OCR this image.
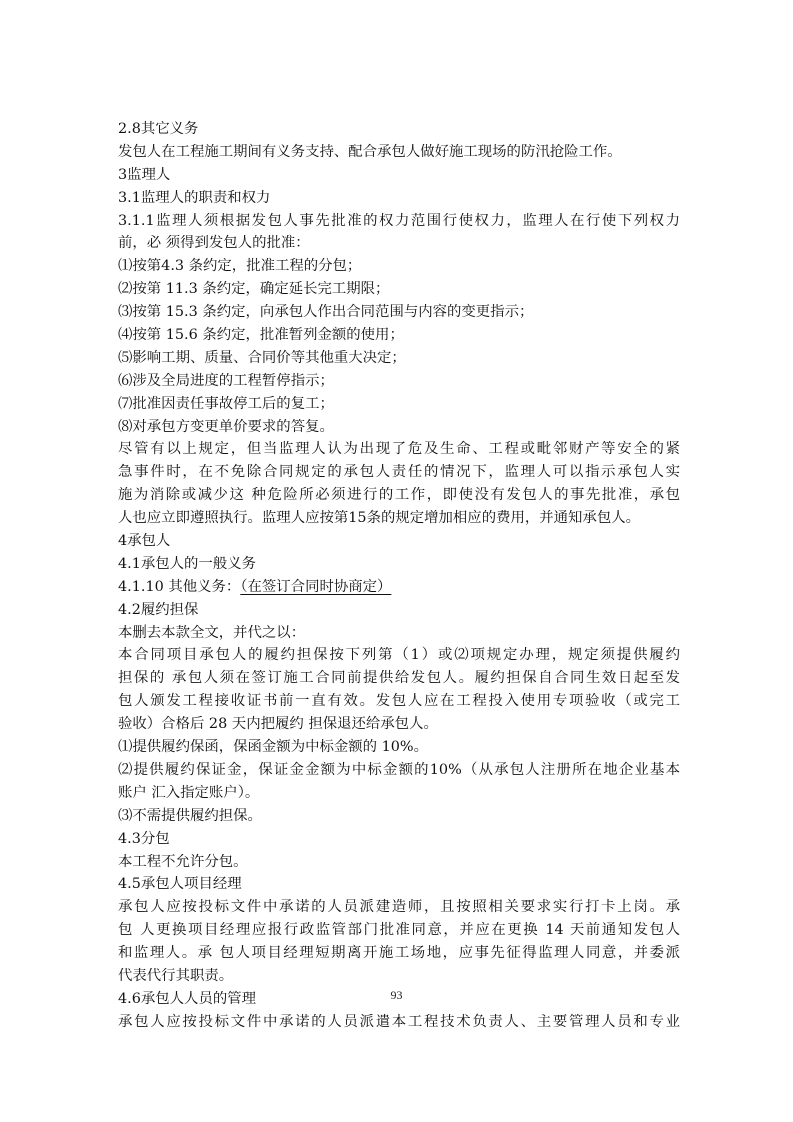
2.8其它义务
发包人在工程施工期间有义务支持、配合承包人做好施工现场的防汛抢险工作。
3监理人
3.1监理人的职责和权力
3.1.1监理人须根据发包人事先批准的权力范围行使权力，监理人在行使下列权力
前，必 须得到发包人的批准：
⑴按第4.3 条约定，批准工程的分包；
⑵按第 11.3 条约定，确定延长完工期限；
⑶按第 15.3 条约定，向承包人作出合同范围与内容的变更指示；
⑷按第 15.6 条约定，批准暂列金额的使用；
⑸影响工期、质量、合同价等其他重大决定；
⑹涉及全局进度的工程暂停指示；
⑺批准因责任事故停工后的复工；
⑻对承包方变更单价要求的答复。
尽管有以上规定，但当监理人认为出现了危及生命、工程或毗邻财产等安全的紧
急事件时，在不免除合同规定的承包人责任的情况下，监理人可以指示承包人实
施为消除或减少这 种危险所必须进行的工作，即使没有发包人的事先批准，承包
人也应立即遵照执行。监理人应按第15条的规定增加相应的费用，并通知承包人。
4承包人
4.1承包人的一般义务
4.1.10 其他义务：（在签订合同时协商定）
4.2履约担保
本删去本款全文，并代之以：
本合同项目承包人的履约担保按下列第（1）或⑵项规定办理，规定须提供履约
担保的 承包人须在签订施工合同前提供给发包人。履约担保自合同生效日起至发
包人颁发工程接收证书前一直有效。发包人应在工程投入使用专项验收（或完工
验收）合格后 28 天内把履约 担保退还给承包人。
⑴提供履约保函，保函金额为中标金额的 10%。
⑵提供履约保证金，保证金金额为中标金额的10%（从承包人注册所在地企业基本
账户 汇入指定账户）。
⑶不需提供履约担保。
4.3分包
本工程不允许分包。
4.5承包人项目经理
承包人应按投标文件中承诺的人员派建造师，且按照相关要求实行打卡上岗。承
包 人更换项目经理应报行政监管部门批准同意，并应在更换 14 天前通知发包人
和监理人。承 包人项目经理短期离开施工场地，应事先征得监理人同意，并委派
代表代行其职责。
4.6承包人人员的管理
承包人应按投标文件中承诺的人员派遣本工程技术负责人、主要管理人员和专业
93
